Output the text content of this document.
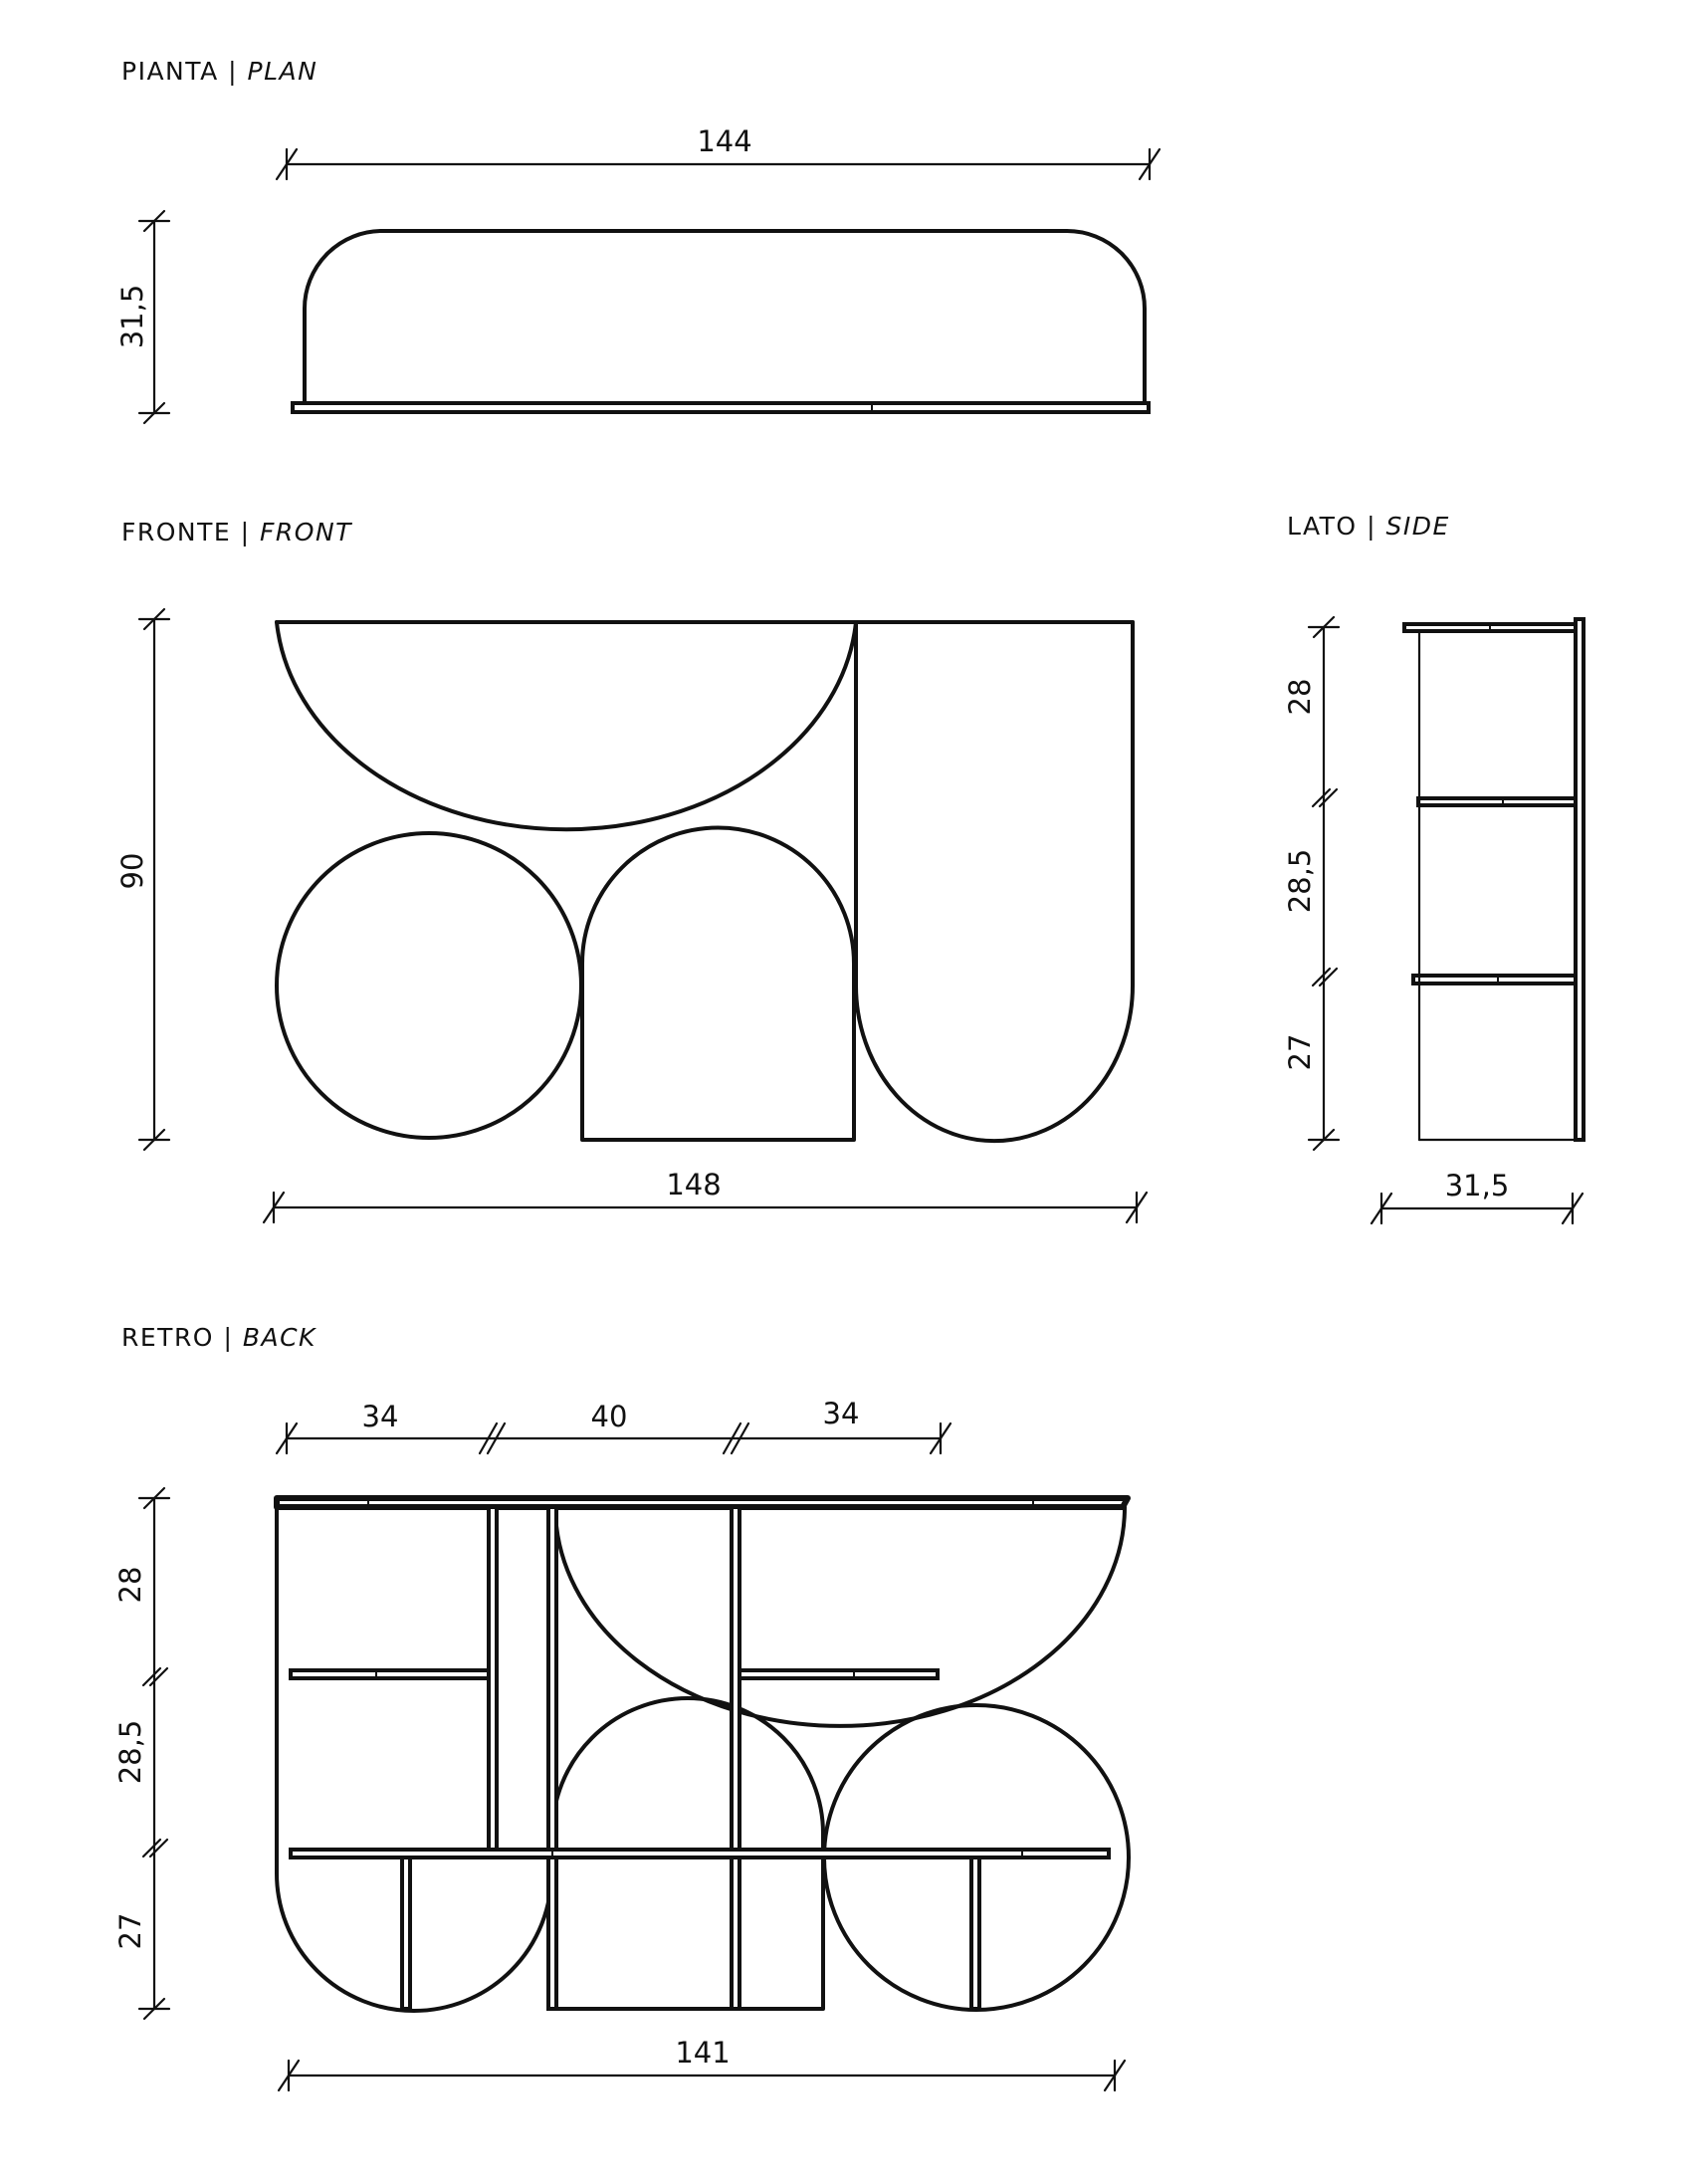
PIANTA | PLAN
144
31,5
FRONTE | FRONT
90
148
LATO | SIDE
28
28,5
27
31,5
RETRO | BACK
34	40	34
28
28,5
27
141
